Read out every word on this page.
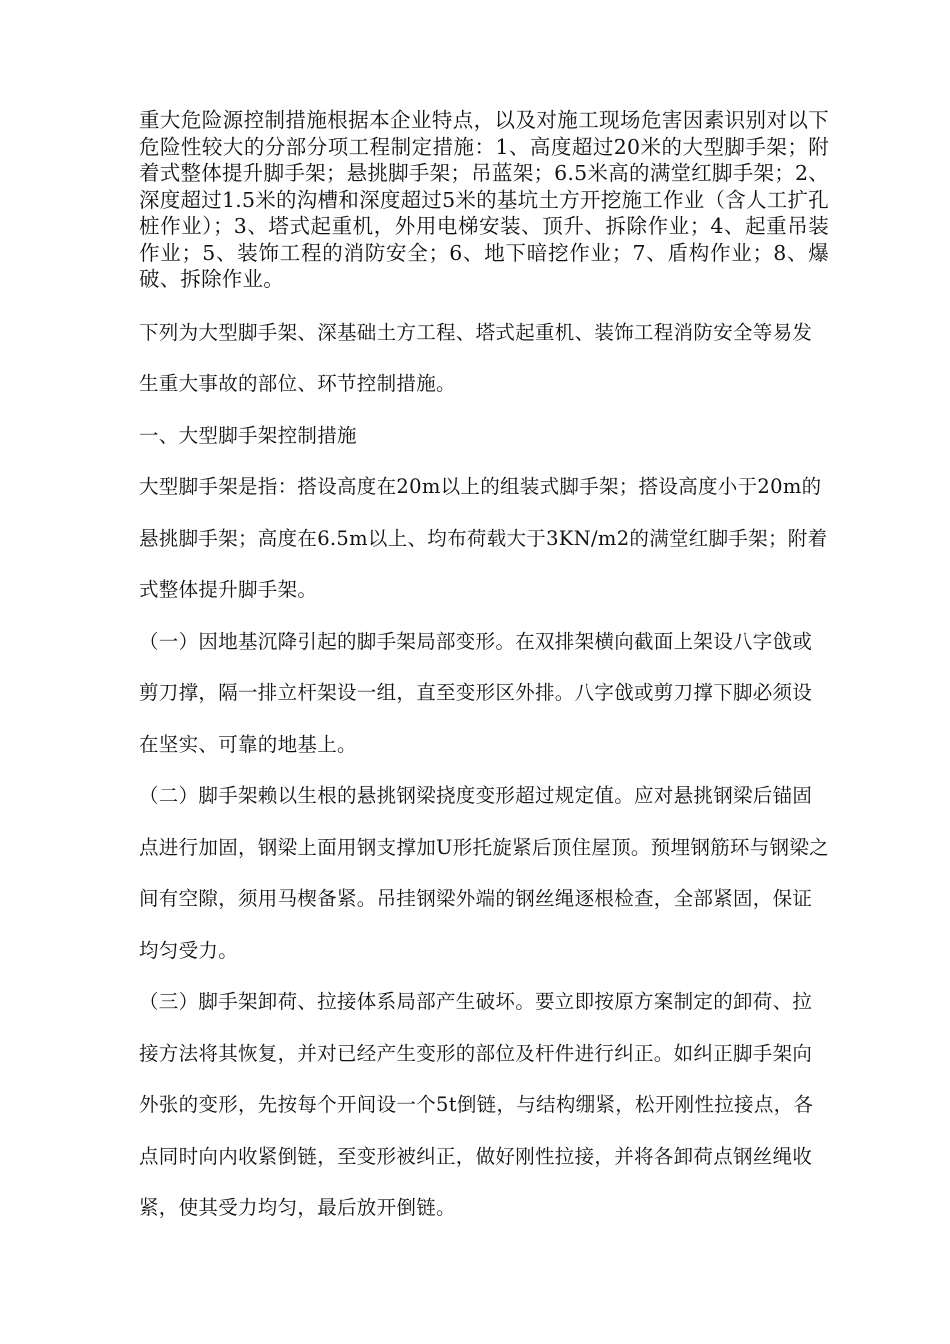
重大危险源控制措施根据本企业特点，以及对施工现场危害因素识别对以下危险性较大的分部分项工程制定措施：1、高度超过20米的大型脚手架；附着式整体提升脚手架；悬挑脚手架；吊蓝架；6.5米高的满堂红脚手架；2、深度超过1.5米的沟槽和深度超过5米的基坑土方开挖施工作业（含人工扩孔桩作业）；3、塔式起重机，外用电梯安装、顶升、拆除作业；4、起重吊装作业；5、装饰工程的消防安全；6、地下暗挖作业；7、盾构作业；8、爆破、拆除作业。

下列为大型脚手架、深基础土方工程、塔式起重机、装饰工程消防安全等易发生重大事故的部位、环节控制措施。

一、大型脚手架控制措施

大型脚手架是指：搭设高度在20m以上的组装式脚手架；搭设高度小于20m的悬挑脚手架；高度在6.5m以上、均布荷载大于3KN/m2的满堂红脚手架；附着式整体提升脚手架。

（一）因地基沉降引起的脚手架局部变形。在双排架横向截面上架设八字戗或剪刀撑，隔一排立杆架设一组，直至变形区外排。八字戗或剪刀撑下脚必须设在坚实、可靠的地基上。

（二）脚手架赖以生根的悬挑钢梁挠度变形超过规定值。应对悬挑钢梁后锚固点进行加固，钢梁上面用钢支撑加U形托旋紧后顶住屋顶。预埋钢筋环与钢梁之间有空隙，须用马楔备紧。吊挂钢梁外端的钢丝绳逐根检查，全部紧固，保证均匀受力。

（三）脚手架卸荷、拉接体系局部产生破坏。要立即按原方案制定的卸荷、拉接方法将其恢复，并对已经产生变形的部位及杆件进行纠正。如纠正脚手架向外张的变形，先按每个开间设一个5t倒链，与结构绷紧，松开刚性拉接点，各点同时向内收紧倒链，至变形被纠正，做好刚性拉接，并将各卸荷点钢丝绳收紧，使其受力均匀，最后放开倒链。
